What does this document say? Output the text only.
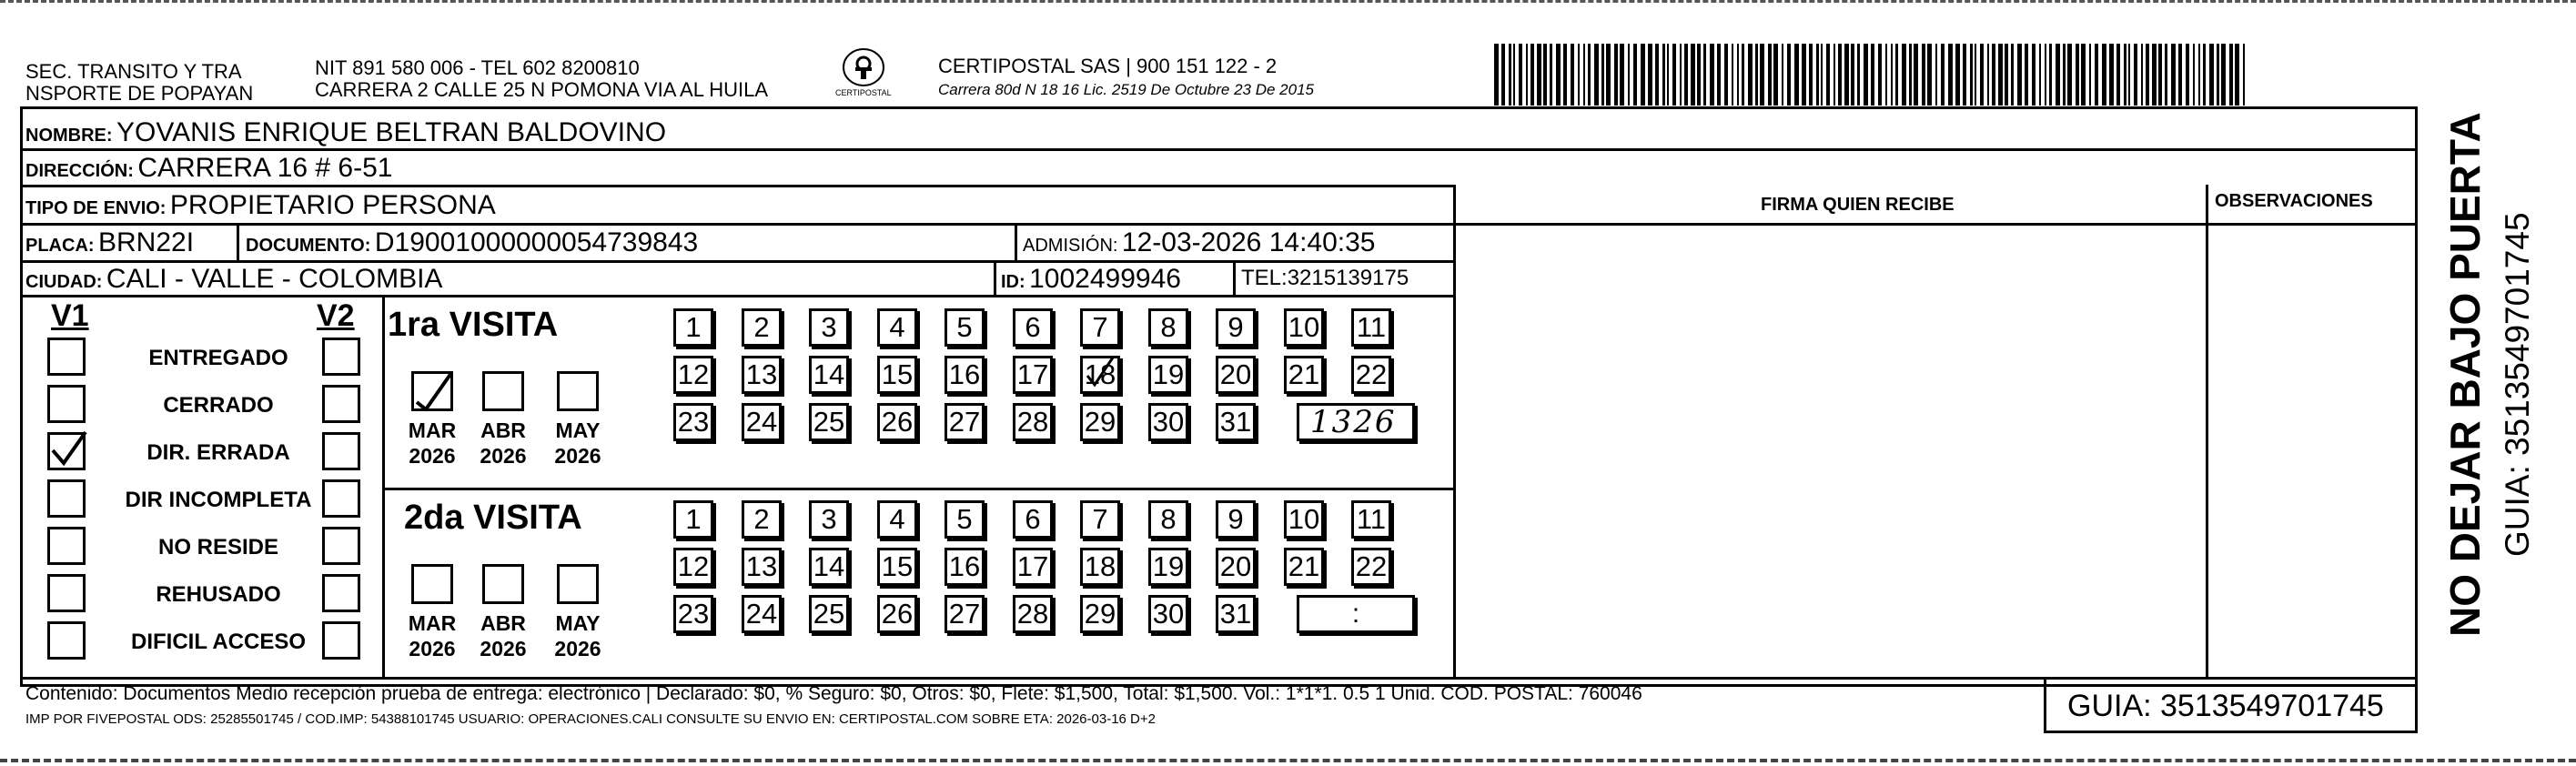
SEC. TRANSITO Y TRA
NSPORTE DE POPAYAN
NIT 891 580 006 - TEL 602 8200810
CARRERA 2 CALLE 25 N POMONA VIA AL HUILA	CERTIPOSTAL
CERTIPOSTAL SAS | 900 151 122 - 2
Carrera 80d N 18 16 Lic. 2519 De Octubre 23 De 2015
NOMBRE: YOVANIS ENRIQUE BELTRAN BALDOVINO
DIRECCIÓN: CARRERA 16 # 6-51
TIPO DE ENVIO: PROPIETARIO PERSONA
PLACA: BRN22I	DOCUMENTO: D19001000000054739843	ADMISIÓN: 12-03-2026 14:40:35
CIUDAD: CALI - VALLE - COLOMBIA	ID: 1002499946	TEL:3215139175
FIRMA QUIEN RECIBE	OBSERVACIONES
V1	V2
ENTREGADO
CERRADO
DIR. ERRADA
DIR INCOMPLETA
NO RESIDE
REHUSADO
DIFICIL ACCESO
1ra VISITA
MAR
2026
ABR
2026
MAY
2026
1	2	3	4	5	6	7	8	9	10 11
12 13 14 15 16 17 18 19 20 21 22
23 24 25 26 27 28 29 30 31 1326
2da VISITA
MAR
2026
ABR
2026
MAY
2026
1	2	3	4	5	6	7	8	9	10 11
12 13 14 15 16 17 18 19 20 21 22
23 24 25 26 27 28 29 30 31	:
Contenido: Documentos Medio recepción prueba de entrega: electrónico | Declarado: $0, % Seguro: $0, Otros: $0, Flete: $1,500, Total: $1,500. Vol.: 1*1*1. 0.5 1 Unid. COD. POSTAL: 760046
IMP POR FIVEPOSTAL ODS: 25285501745 / COD.IMP: 54388101745 USUARIO: OPERACIONES.CALI CONSULTE SU ENVIO EN: CERTIPOSTAL.COM SOBRE ETA: 2026-03-16 D+2	GUIA: 3513549701745
NO DEJAR BAJO PUERTA GUIA: 3513549701745
